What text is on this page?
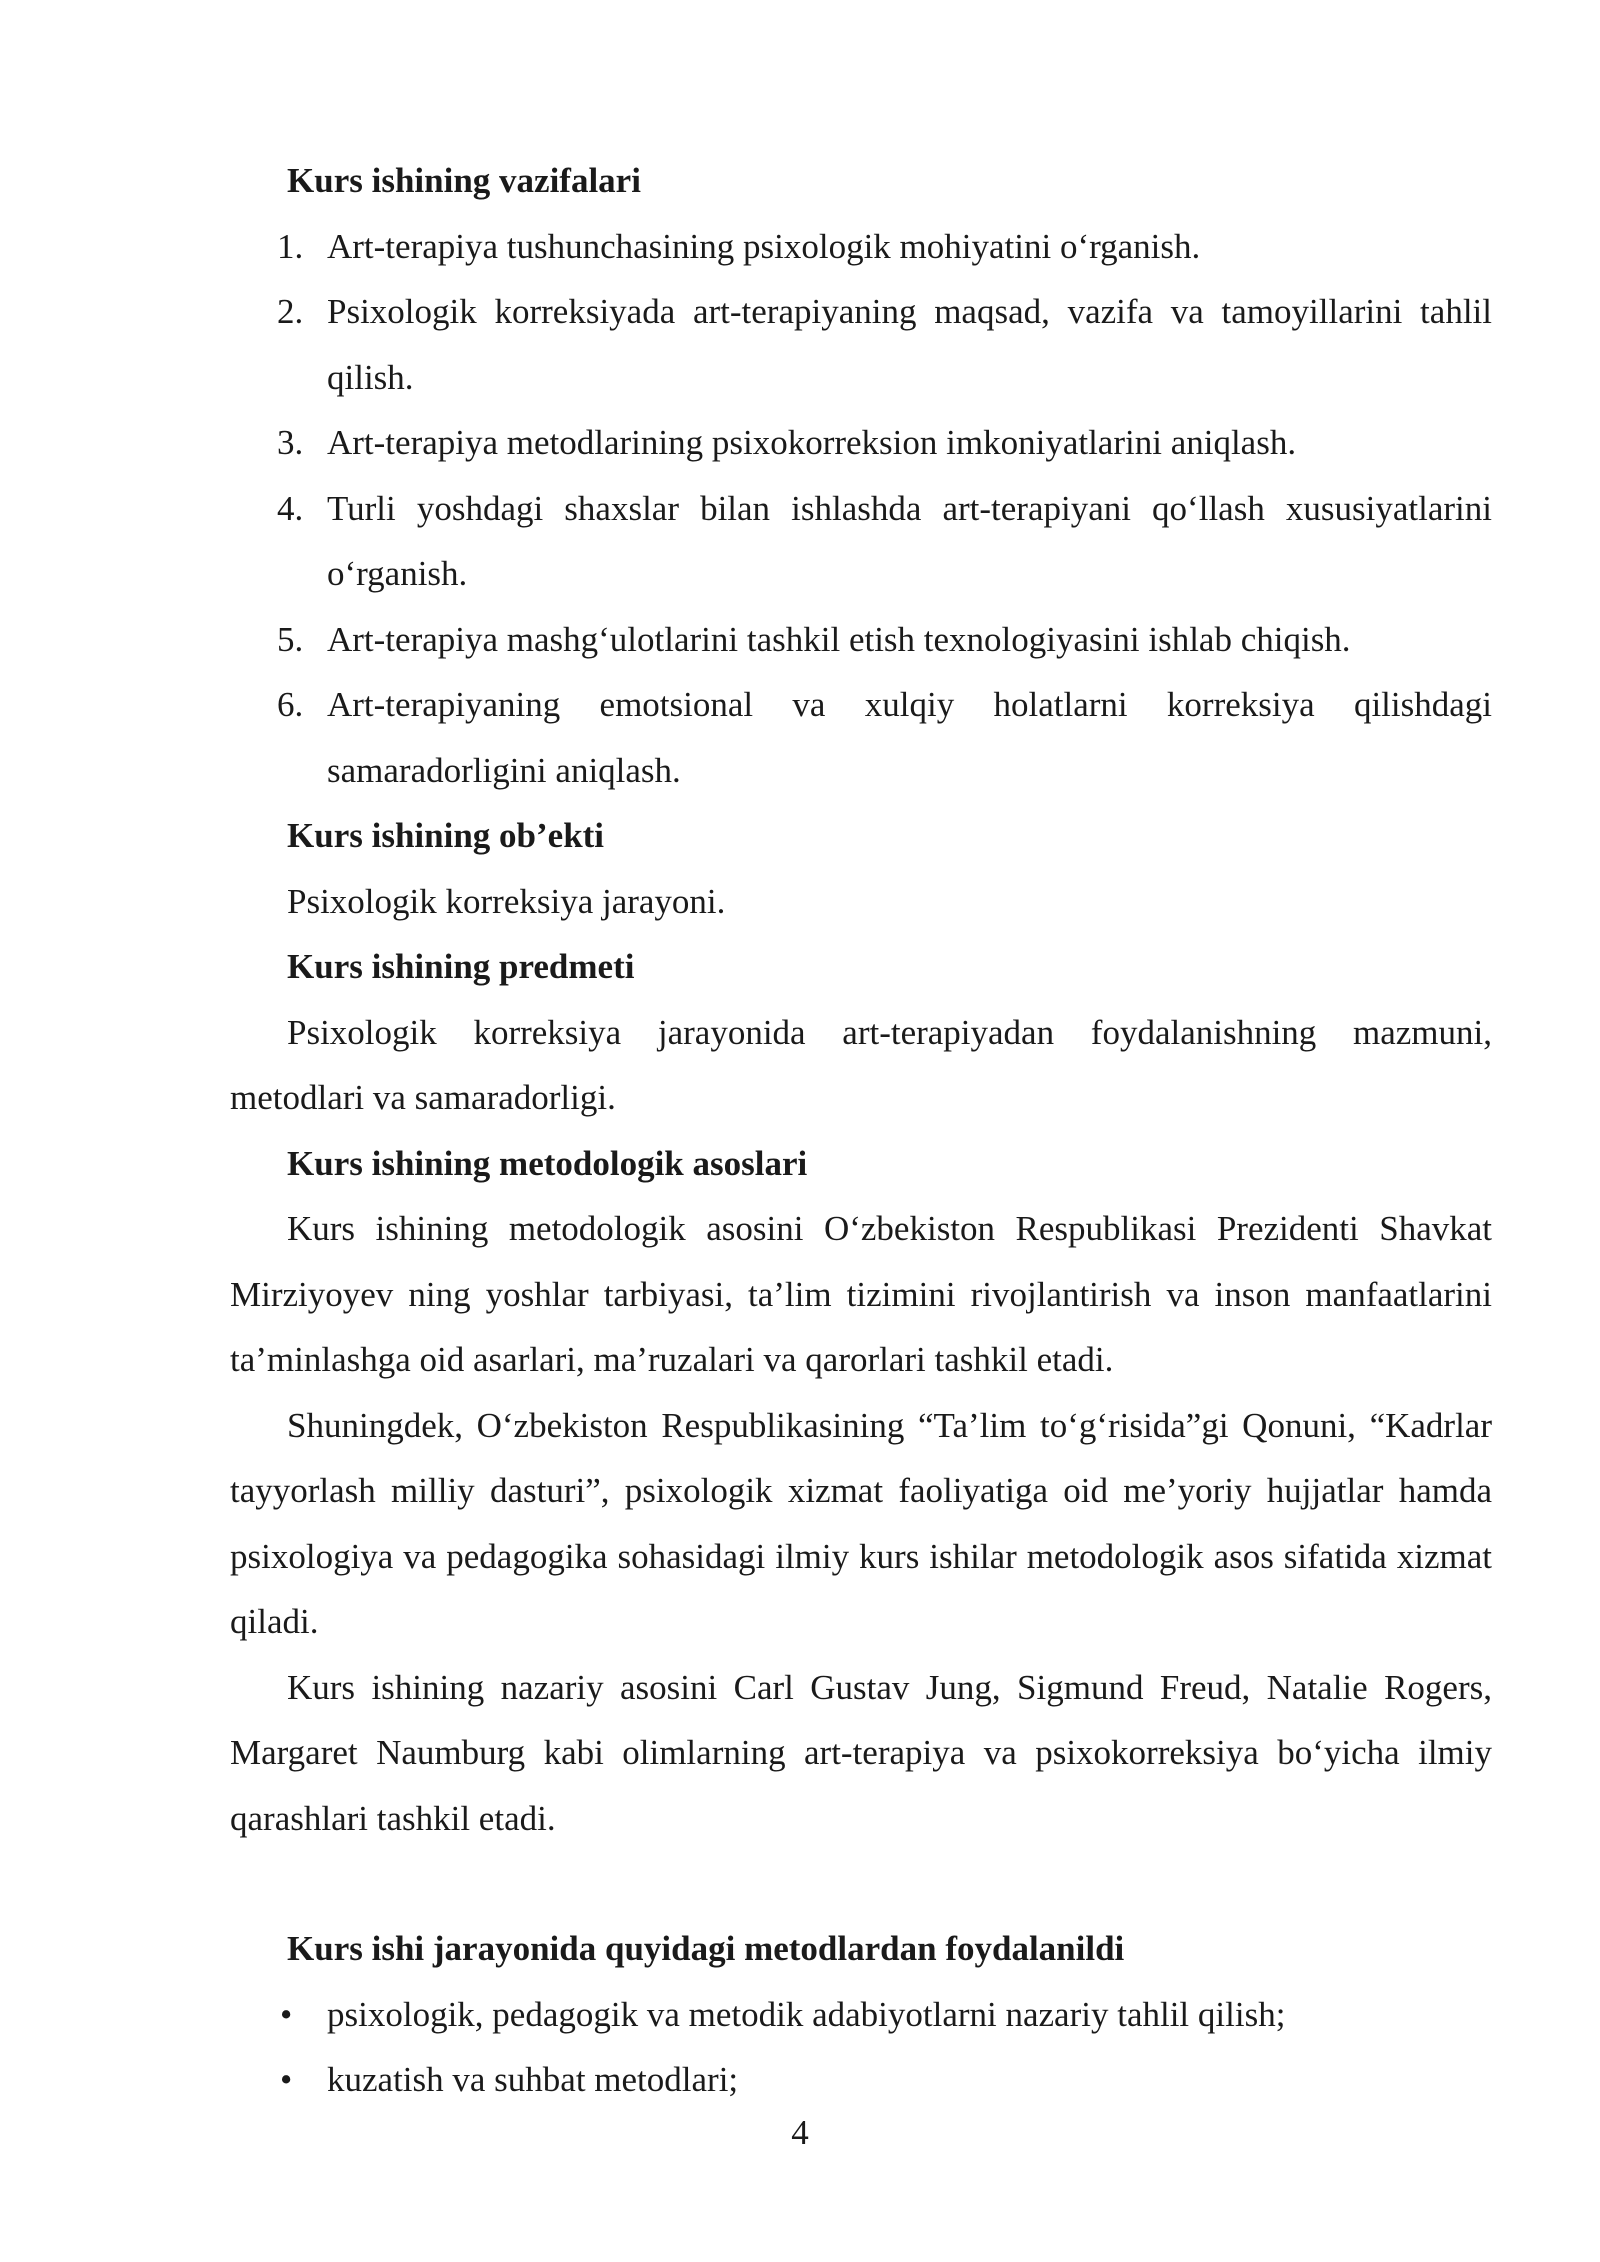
Kurs ishining vazifalari

1. Art-terapiya tushunchasining psixologik mohiyatini o‘rganish.
2. Psixologik korreksiyada art-terapiyaning maqsad, vazifa va tamoyillarini tahlil qilish.
3. Art-terapiya metodlarining psixokorreksion imkoniyatlarini aniqlash.
4. Turli yoshdagi shaxslar bilan ishlashda art-terapiyani qo‘llash xususiyatlarini o‘rganish.
5. Art-terapiya mashg‘ulotlarini tashkil etish texnologiyasini ishlab chiqish.
6. Art-terapiyaning emotsional va xulqiy holatlarni korreksiya qilishdagi samaradorligini aniqlash.

Kurs ishining ob’ekti

Psixologik korreksiya jarayoni.

Kurs ishining predmeti

Psixologik korreksiya jarayonida art-terapiyadan foydalanishning mazmuni, metodlari va samaradorligi.

Kurs ishining metodologik asoslari

Kurs ishining metodologik asosini O‘zbekiston Respublikasi Prezidenti Shavkat Mirziyoyev ning yoshlar tarbiyasi, ta’lim tizimini rivojlantirish va inson manfaatlarini ta’minlashga oid asarlari, ma’ruzalari va qarorlari tashkil etadi.

Shuningdek, O‘zbekiston Respublikasining “Ta’lim to‘g‘risida”gi Qonuni, “Kadrlar tayyorlash milliy dasturi”, psixologik xizmat faoliyatiga oid me’yoriy hujjatlar hamda psixologiya va pedagogika sohasidagi ilmiy kurs ishilar metodologik asos sifatida xizmat qiladi.

Kurs ishining nazariy asosini Carl Gustav Jung, Sigmund Freud, Natalie Rogers, Margaret Naumburg kabi olimlarning art-terapiya va psixokorreksiya bo‘yicha ilmiy qarashlari tashkil etadi.

Kurs ishi jarayonida quyidagi metodlardan foydalanildi

• psixologik, pedagogik va metodik adabiyotlarni nazariy tahlil qilish;
• kuzatish va suhbat metodlari;
4
